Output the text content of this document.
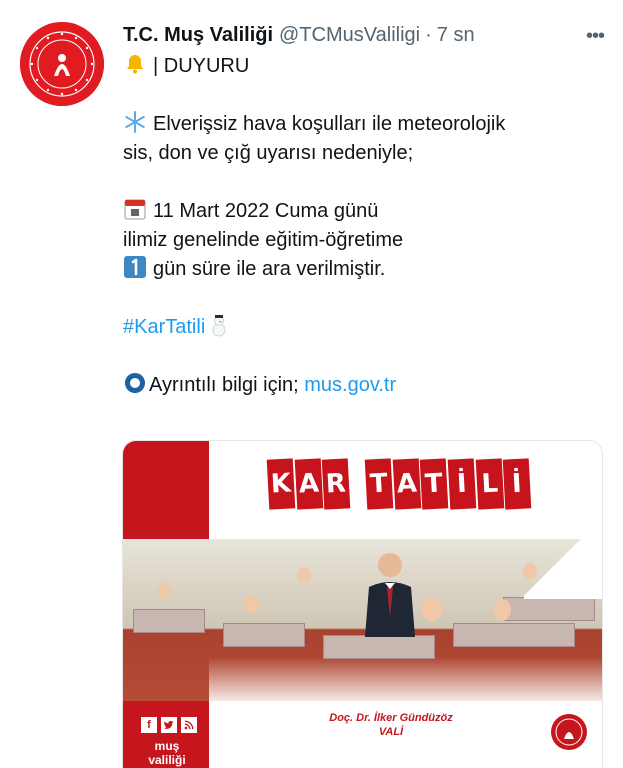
T.C. Muş Valiliği @TCMusValiligi · 7 sn	•••
| DUYURU
Elverişsiz hava koşulları ile meteorolojik
sis, don ve çığ uyarısı nedeniyle;
11 Mart 2022 Cuma günü
ilimiz genelinde eğitim-öğretime
gün süre ile ara verilmiştir.
#KarTatili
Ayrıntılı bilgi için; mus.gov.tr
K A R T A T İ L İ
f
muş valiliği
Doç. Dr. İlker Gündüzöz
VALİ
